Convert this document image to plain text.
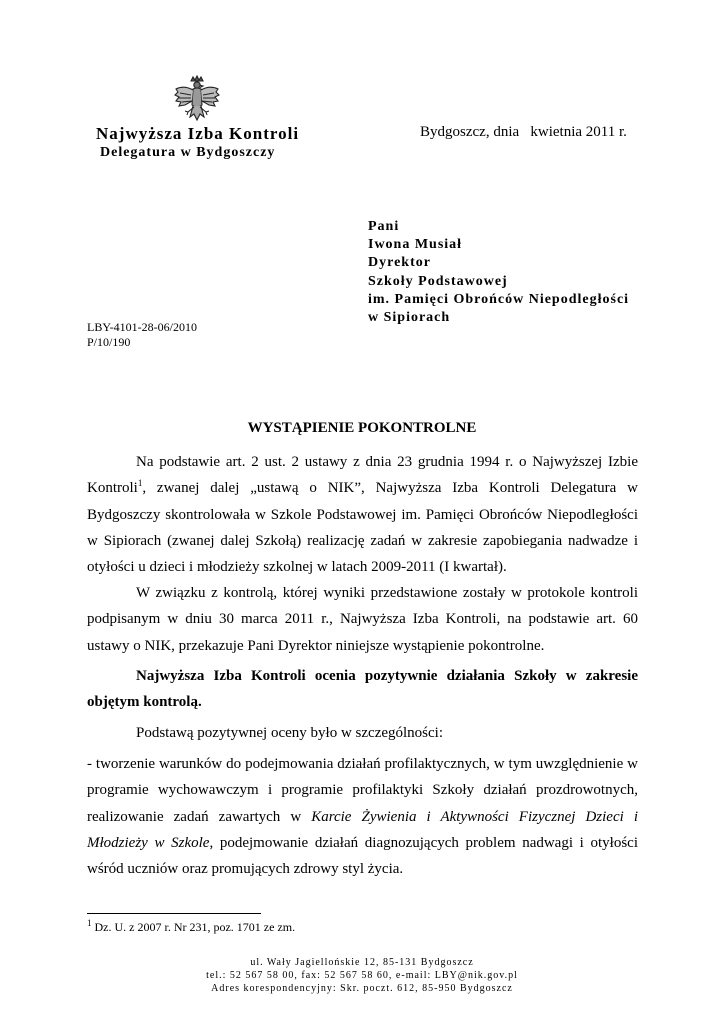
Najwyższa Izba Kontroli
Delegatura w Bydgoszczy
Bydgoszcz, dnia   kwietnia 2011 r.
Pani
Iwona Musiał
Dyrektor
Szkoły Podstawowej
im. Pamięci Obrońców Niepodległości
w Sipiorach
LBY-4101-28-06/2010
P/10/190
WYSTĄPIENIE POKONTROLNE
Na podstawie art. 2 ust. 2 ustawy z dnia 23 grudnia 1994 r. o Najwyższej Izbie Kontroli$^1$, zwanej dalej „ustawą o NIK”, Najwyższa Izba Kontroli Delegatura w Bydgoszczy skontrolowała w Szkole Podstawowej im. Pamięci Obrońców Niepodległości w Sipiorach (zwanej dalej Szkołą) realizację zadań w zakresie zapobiegania nadwadze i otyłości u dzieci i młodzieży szkolnej w latach 2009-2011 (I kwartał).
W związku z kontrolą, której wyniki przedstawione zostały w protokole kontroli podpisanym w dniu 30 marca 2011 r., Najwyższa Izba Kontroli, na podstawie art. 60 ustawy o NIK, przekazuje Pani Dyrektor niniejsze wystąpienie pokontrolne.
Najwyższa Izba Kontroli ocenia pozytywnie działania Szkoły w zakresie objętym kontrolą.
Podstawą pozytywnej oceny było w szczególności:
- tworzenie warunków do podejmowania działań profilaktycznych, w tym uwzględnienie w programie wychowawczym i programie profilaktyki Szkoły działań prozdrowotnych, realizowanie zadań zawartych w Karcie Żywienia i Aktywności Fizycznej Dzieci i Młodzieży w Szkole, podejmowanie działań diagnozujących problem nadwagi i otyłości wśród uczniów oraz promujących zdrowy styl życia.
$^1$ Dz. U. z 2007 r. Nr 231, poz. 1701 ze zm.
ul. Wały Jagiellońskie 12, 85-131 Bydgoszcz
tel.: 52 567 58 00, fax: 52 567 58 60, e-mail: LBY@nik.gov.pl
Adres korespondencyjny: Skr. poczt. 612, 85-950 Bydgoszcz
